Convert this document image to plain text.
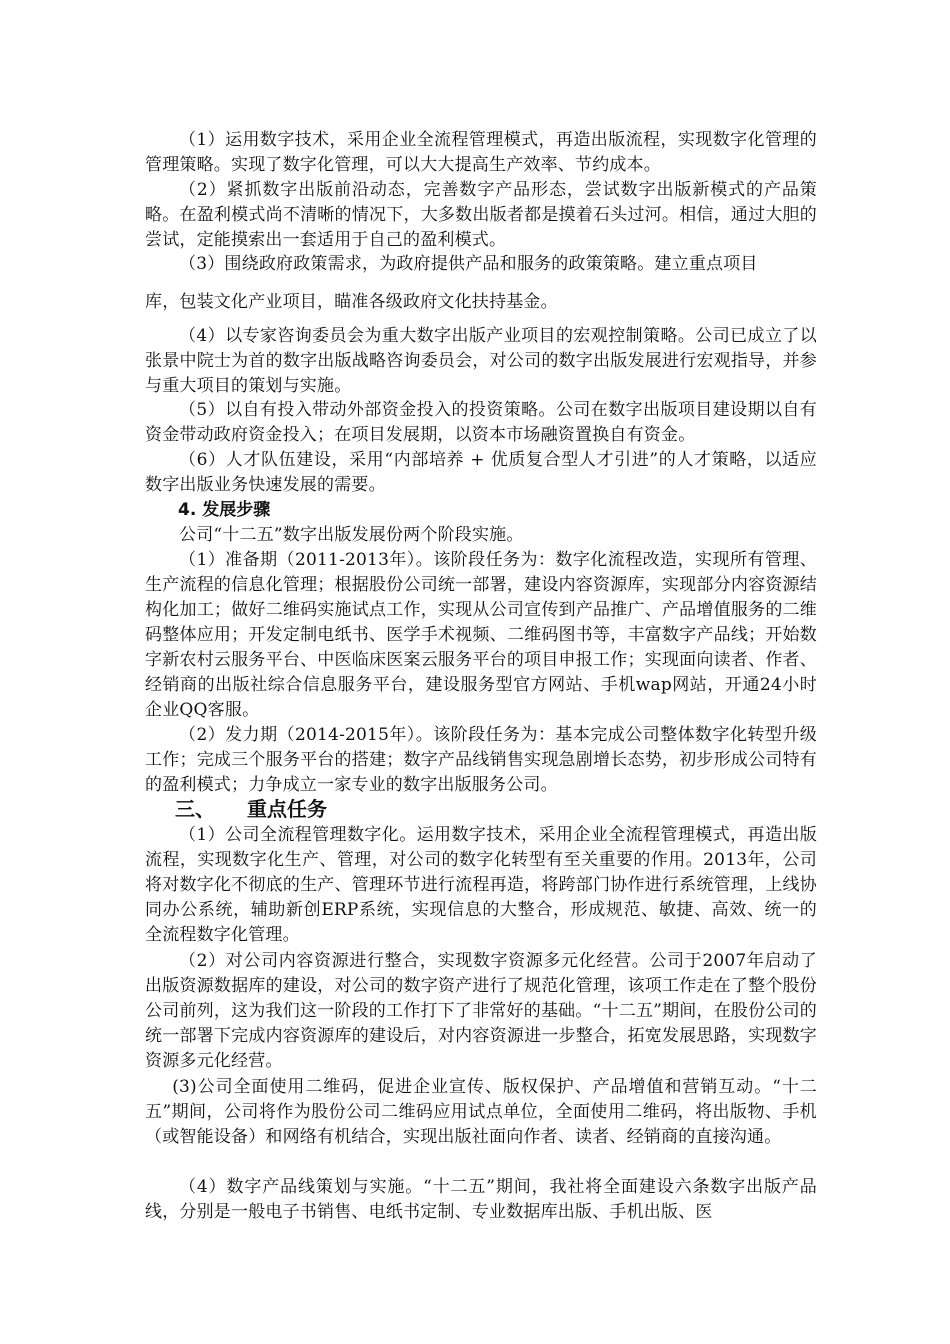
（1）运用数字技术，采用企业全流程管理模式，再造出版流程，实现数字化管理的管理策略。实现了数字化管理，可以大大提高生产效率、节约成本。

（2）紧抓数字出版前沿动态，完善数字产品形态，尝试数字出版新模式的产品策略。在盈利模式尚不清晰的情况下，大多数出版者都是摸着石头过河。相信，通过大胆的尝试，定能摸索出一套适用于自己的盈利模式。

（3）围绕政府政策需求，为政府提供产品和服务的政策策略。建立重点项目

库，包装文化产业项目，瞄准各级政府文化扶持基金。

（4）以专家咨询委员会为重大数字出版产业项目的宏观控制策略。公司已成立了以张景中院士为首的数字出版战略咨询委员会，对公司的数字出版发展进行宏观指导，并参与重大项目的策划与实施。

（5）以自有投入带动外部资金投入的投资策略。公司在数字出版项目建设期以自有资金带动政府资金投入；在项目发展期，以资本市场融资置换自有资金。

（6）人才队伍建设，采用“内部培养 + 优质复合型人才引进”的人才策略，以适应数字出版业务快速发展的需要。

4. 发展步骤

公司“十二五”数字出版发展份两个阶段实施。

（1）准备期（2011-2013年）。该阶段任务为：数字化流程改造，实现所有管理、生产流程的信息化管理；根据股份公司统一部署，建设内容资源库，实现部分内容资源结构化加工；做好二维码实施试点工作，实现从公司宣传到产品推广、产品增值服务的二维码整体应用；开发定制电纸书、医学手术视频、二维码图书等，丰富数字产品线；开始数字新农村云服务平台、中医临床医案云服务平台的项目申报工作；实现面向读者、作者、经销商的出版社综合信息服务平台，建设服务型官方网站、手机wap网站，开通24小时企业QQ客服。

（2）发力期（2014-2015年）。该阶段任务为：基本完成公司整体数字化转型升级工作；完成三个服务平台的搭建；数字产品线销售实现急剧增长态势，初步形成公司特有的盈利模式；力争成立一家专业的数字出版服务公司。

三、 重点任务

（1）公司全流程管理数字化。运用数字技术，采用企业全流程管理模式，再造出版流程，实现数字化生产、管理，对公司的数字化转型有至关重要的作用。2013年，公司将对数字化不彻底的生产、管理环节进行流程再造，将跨部门协作进行系统管理，上线协同办公系统，辅助新创ERP系统，实现信息的大整合，形成规范、敏捷、高效、统一的全流程数字化管理。

（2）对公司内容资源进行整合，实现数字资源多元化经营。公司于2007年启动了出版资源数据库的建设，对公司的数字资产进行了规范化管理，该项工作走在了整个股份公司前列，这为我们这一阶段的工作打下了非常好的基础。“十二五”期间，在股份公司的统一部署下完成内容资源库的建设后，对内容资源进一步整合，拓宽发展思路，实现数字资源多元化经营。

(3)公司全面使用二维码，促进企业宣传、版权保护、产品增值和营销互动。“十二五”期间，公司将作为股份公司二维码应用试点单位，全面使用二维码，将出版物、手机（或智能设备）和网络有机结合，实现出版社面向作者、读者、经销商的直接沟通。

（4）数字产品线策划与实施。“十二五”期间，我社将全面建设六条数字出版产品线，分别是一般电子书销售、电纸书定制、专业数据库出版、手机出版、医
